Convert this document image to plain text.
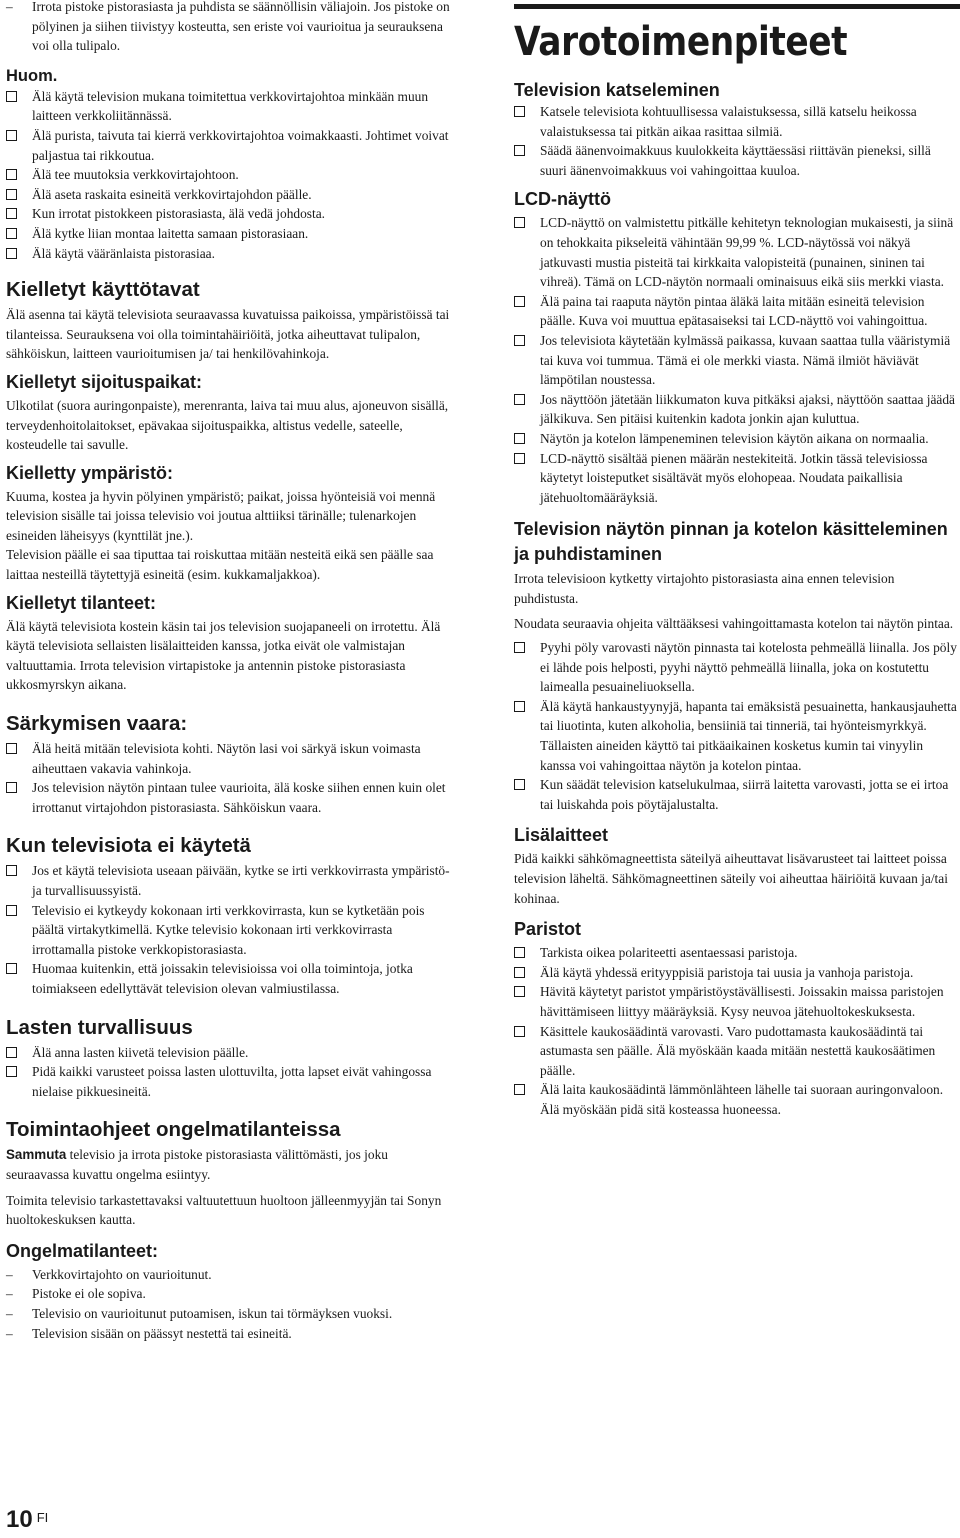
– Irrota pistoke pistorasiasta ja puhdista se säännöllisin väliajoin. Jos pistoke on pölyinen ja siihen tiivistyy kosteutta, sen eriste voi vaurioitua ja seurauksena voi olla tulipalo.
Huom.
Älä käytä television mukana toimitettua verkkovirtajohtoa minkään muun laitteen verkkoliitännässä.
Älä purista, taivuta tai kierrä verkkovirtajohtoa voimakkaasti. Johtimet voivat paljastua tai rikkoutua.
Älä tee muutoksia verkkovirtajohtoon.
Älä aseta raskaita esineitä verkkovirtajohdon päälle.
Kun irrotat pistokkeen pistorasiasta, älä vedä johdosta.
Älä kytke liian montaa laitetta samaan pistorasiaan.
Älä käytä vääränlaista pistorasiaa.
Kielletyt käyttötavat
Älä asenna tai käytä televisiota seuraavassa kuvatuissa paikoissa, ympäristöissä tai tilanteissa. Seurauksena voi olla toimintahäiriöitä, jotka aiheuttavat tulipalon, sähköiskun, laitteen vaurioitumisen ja/ tai henkilövahinkoja.
Kielletyt sijoituspaikat:
Ulkotilat (suora auringonpaiste), merenranta, laiva tai muu alus, ajoneuvon sisällä, terveydenhoitolaitokset, epävakaa sijoituspaikka, altistus vedelle, sateelle, kosteudelle tai savulle.
Kielletty ympäristö:
Kuuma, kostea ja hyvin pölyinen ympäristö; paikat, joissa hyönteisiä voi mennä television sisälle tai joissa televisio voi joutua alttiiksi tärinälle; tulenarkojen esineiden läheisyys (kynttilät jne.).
Television päälle ei saa tiputtaa tai roiskuttaa mitään nesteitä eikä sen päälle saa laittaa nesteillä täytettyjä esineitä (esim. kukkamaljakkoa).
Kielletyt tilanteet:
Älä käytä televisiota kostein käsin tai jos television suojapaneeli on irrotettu. Älä käytä televisiota sellaisten lisälaitteiden kanssa, jotka eivät ole valmistajan valtuuttamia. Irrota television virtapistoke ja antennin pistoke pistorasiasta ukkosmyrskyn aikana.
Särkymisen vaara:
Älä heitä mitään televisiota kohti. Näytön lasi voi särkyä iskun voimasta aiheuttaen vakavia vahinkoja.
Jos television näytön pintaan tulee vaurioita, älä koske siihen ennen kuin olet irrottanut virtajohdon pistorasiasta. Sähköiskun vaara.
Kun televisiota ei käytetä
Jos et käytä televisiota useaan päivään, kytke se irti verkkovirrasta ympäristö- ja turvallisuussyistä.
Televisio ei kytkeydy kokonaan irti verkkovirrasta, kun se kytketään pois päältä virtakytkimellä. Kytke televisio kokonaan irti verkkovirrasta irrottamalla pistoke verkkopistorasiasta.
Huomaa kuitenkin, että joissakin televisioissa voi olla toimintoja, jotka toimiakseen edellyttävät television olevan valmiustilassa.
Lasten turvallisuus
Älä anna lasten kiivetä television päälle.
Pidä kaikki varusteet poissa lasten ulottuvilta, jotta lapset eivät vahingossa nielaise pikkuesineitä.
Toimintaohjeet ongelmatilanteissa
Sammuta televisio ja irrota pistoke pistorasiasta välittömästi, jos joku seuraavassa kuvattu ongelma esiintyy.
Toimita televisio tarkastettavaksi valtuutettuun huoltoon jälleenmyyjän tai Sonyn huoltokeskuksen kautta.
Ongelmatilanteet:
– Verkkovirtajohto on vaurioitunut.
– Pistoke ei ole sopiva.
– Televisio on vaurioitunut putoamisen, iskun tai törmäyksen vuoksi.
– Television sisään on päässyt nestettä tai esineitä.
10 $^{FI}$
Varotoimenpiteet
Television katseleminen
Katsele televisiota kohtuullisessa valaistuksessa, sillä katselu heikossa valaistuksessa tai pitkän aikaa rasittaa silmiä.
Säädä äänenvoimakkuus kuulokkeita käyttäessäsi riittävän pieneksi, sillä suuri äänenvoimakkuus voi vahingoittaa kuuloa.
LCD-näyttö
LCD-näyttö on valmistettu pitkälle kehitetyn teknologian mukaisesti, ja siinä on tehokkaita pikseleitä vähintään 99,99 %. LCD-näytössä voi näkyä jatkuvasti mustia pisteitä tai kirkkaita valopisteitä (punainen, sininen tai vihreä). Tämä on LCD-näytön normaali ominaisuus eikä siis merkki viasta.
Älä paina tai raaputa näytön pintaa äläkä laita mitään esineitä television päälle. Kuva voi muuttua epätasaiseksi tai LCD-näyttö voi vahingoittua.
Jos televisiota käytetään kylmässä paikassa, kuvaan saattaa tulla vääristymiä tai kuva voi tummua. Tämä ei ole merkki viasta. Nämä ilmiöt häviävät lämpötilan noustessa.
Jos näyttöön jätetään liikkumaton kuva pitkäksi ajaksi, näyttöön saattaa jäädä jälkikuva. Sen pitäisi kuitenkin kadota jonkin ajan kuluttua.
Näytön ja kotelon lämpeneminen television käytön aikana on normaalia.
LCD-näyttö sisältää pienen määrän nestekiteitä. Jotkin tässä televisiossa käytetyt loisteputket sisältävät myös elohopeaa. Noudata paikallisia jätehuoltomääräyksiä.
Television näytön pinnan ja kotelon käsitteleminen ja puhdistaminen
Irrota televisioon kytketty virtajohto pistorasiasta aina ennen television puhdistusta.
Noudata seuraavia ohjeita välttääksesi vahingoittamasta kotelon tai näytön pintaa.
Pyyhi pöly varovasti näytön pinnasta tai kotelosta pehmeällä liinalla. Jos pöly ei lähde pois helposti, pyyhi näyttö pehmeällä liinalla, joka on kostutettu laimealla pesuaineliuoksella.
Älä käytä hankaustyynyjä, hapanta tai emäksistä pesuainetta, hankausjauhetta tai liuotinta, kuten alkoholia, bensiiniä tai tinneriä, tai hyönteismyrkkyä. Tällaisten aineiden käyttö tai pitkäaikainen kosketus kumin tai vinyylin kanssa voi vahingoittaa näytön ja kotelon pintaa.
Kun säädät television katselukulmaa, siirrä laitetta varovasti, jotta se ei irtoa tai luiskahda pois pöytäjalustalta.
Lisälaitteet
Pidä kaikki sähkömagneettista säteilyä aiheuttavat lisävarusteet tai laitteet poissa television läheltä. Sähkömagneettinen säteily voi aiheuttaa häiriöitä kuvaan ja/tai kohinaa.
Paristot
Tarkista oikea polariteetti asentaessasi paristoja.
Älä käytä yhdessä erityyppisiä paristoja tai uusia ja vanhoja paristoja.
Hävitä käytetyt paristot ympäristöystävällisesti. Joissakin maissa paristojen hävittämiseen liittyy määräyksiä. Kysy neuvoa jätehuoltokeskuksesta.
Käsittele kaukosäädintä varovasti. Varo pudottamasta kaukosäädintä tai astumasta sen päälle. Älä myöskään kaada mitään nestettä kaukosäätimen päälle.
Älä laita kaukosäädintä lämmönlähteen lähelle tai suoraan auringonvaloon. Älä myöskään pidä sitä kosteassa huoneessa.
